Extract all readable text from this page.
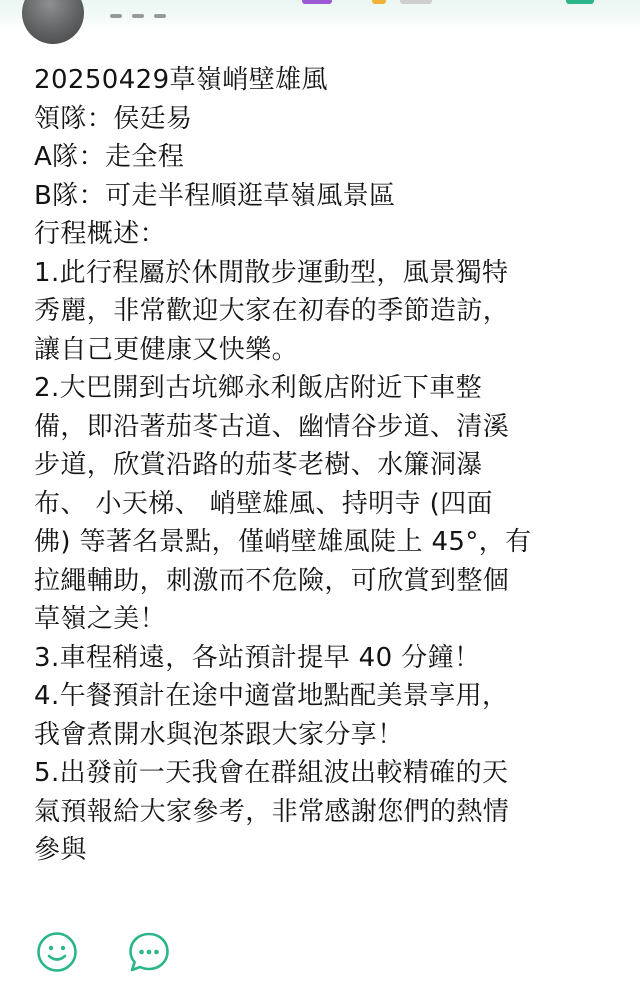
20250429草嶺峭壁雄風
領隊：侯廷易
A隊：走全程
B隊：可走半程順逛草嶺風景區
行程概述：
1.此行程屬於休閒散步運動型，風景獨特
秀麗，非常歡迎大家在初春的季節造訪，
讓自己更健康又快樂。
2.大巴開到古坑鄉永利飯店附近下車整
備，即沿著茄苳古道、幽情谷步道、清溪
步道，欣賞沿路的茄苳老樹、水簾洞瀑
布、 小天梯、 峭壁雄風、持明寺 (四面
佛) 等著名景點，僅峭壁雄風陡上 45°，有
拉繩輔助，刺激而不危險，可欣賞到整個
草嶺之美！
3.車程稍遠，各站預計提早 40 分鐘！
4.午餐預計在途中適當地點配美景享用，
我會煮開水與泡茶跟大家分享！
5.出發前一天我會在群組波出較精確的天
氣預報給大家參考，非常感謝您們的熱情
參與
